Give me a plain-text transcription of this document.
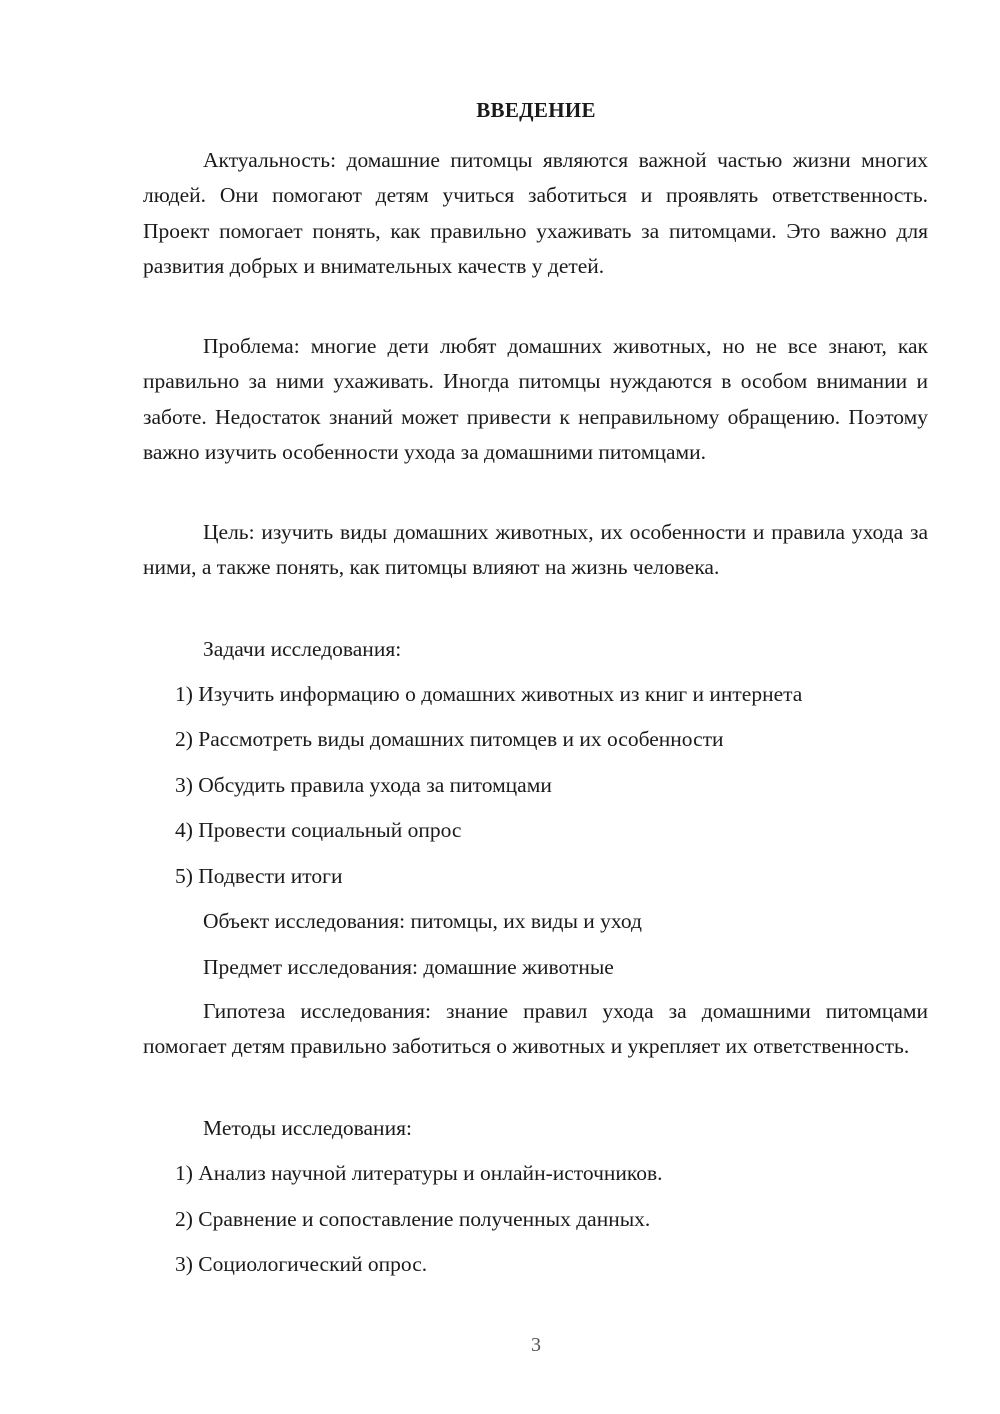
ВВЕДЕНИЕ

Актуальность: домашние питомцы являются важной частью жизни многих людей. Они помогают детям учиться заботиться и проявлять ответственность. Проект помогает понять, как правильно ухаживать за питомцами. Это важно для развития добрых и внимательных качеств у детей.

Проблема: многие дети любят домашних животных, но не все знают, как правильно за ними ухаживать. Иногда питомцы нуждаются в особом внимании и заботе. Недостаток знаний может привести к неправильному обращению. Поэтому важно изучить особенности ухода за домашними питомцами.

Цель: изучить виды домашних животных, их особенности и правила ухода за ними, а также понять, как питомцы влияют на жизнь человека.

Задачи исследования:

1) Изучить информацию о домашних животных из книг и интернета

2) Рассмотреть виды домашних питомцев и их особенности

3) Обсудить правила ухода за питомцами

4) Провести социальный опрос

5) Подвести итоги

Объект исследования: питомцы, их виды и уход

Предмет исследования: домашние животные

Гипотеза исследования: знание правил ухода за домашними питомцами помогает детям правильно заботиться о животных и укрепляет их ответственность.

Методы исследования:

1) Анализ научной литературы и онлайн-источников.

2) Сравнение и сопоставление полученных данных.

3) Социологический опрос.

3
